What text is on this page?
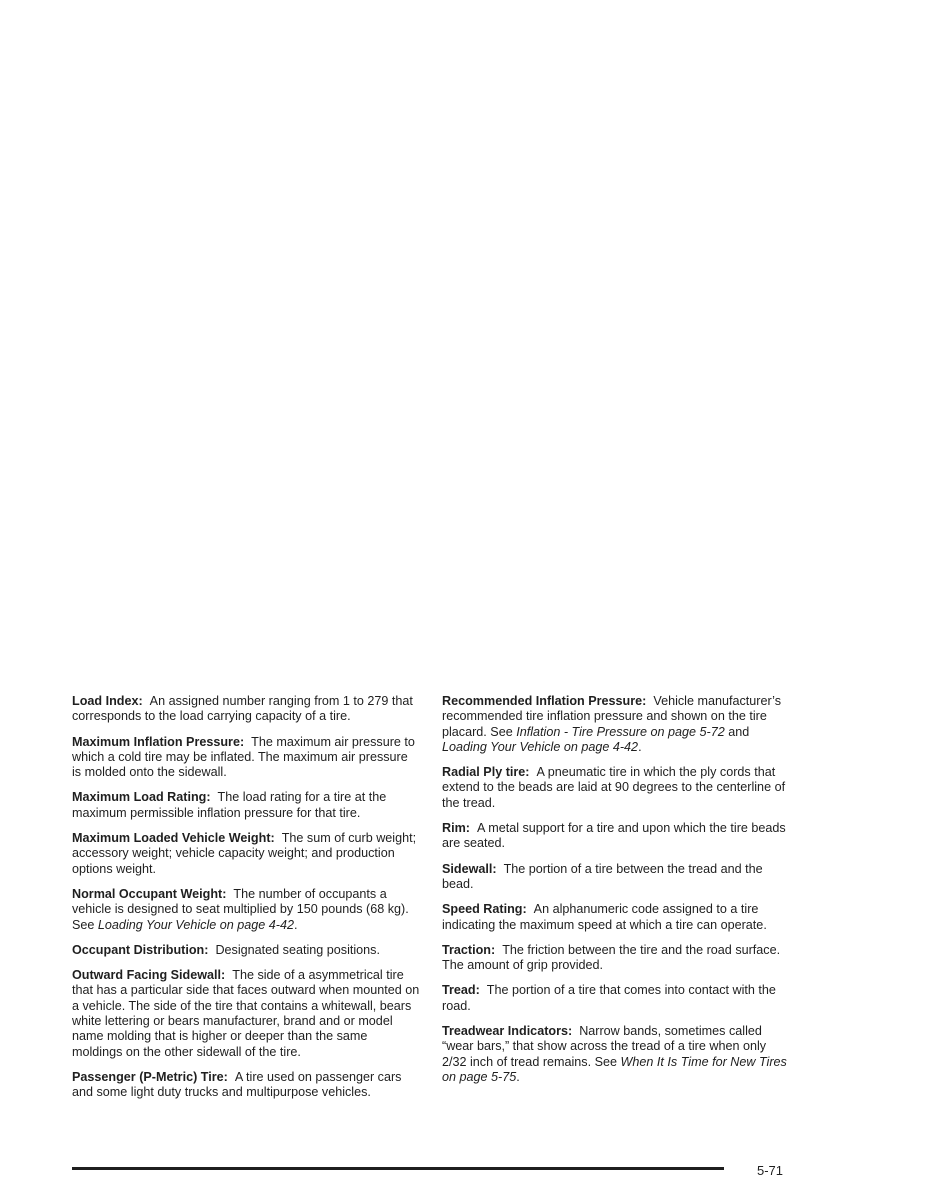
Load Index: An assigned number ranging from 1 to 279 that corresponds to the load carrying capacity of a tire.

Maximum Inflation Pressure: The maximum air pressure to which a cold tire may be inflated. The maximum air pressure is molded onto the sidewall.

Maximum Load Rating: The load rating for a tire at the maximum permissible inflation pressure for that tire.

Maximum Loaded Vehicle Weight: The sum of curb weight; accessory weight; vehicle capacity weight; and production options weight.

Normal Occupant Weight: The number of occupants a vehicle is designed to seat multiplied by 150 pounds (68 kg). See Loading Your Vehicle on page 4-42.

Occupant Distribution: Designated seating positions.

Outward Facing Sidewall: The side of a asymmetrical tire that has a particular side that faces outward when mounted on a vehicle. The side of the tire that contains a whitewall, bears white lettering or bears manufacturer, brand and or model name molding that is higher or deeper than the same moldings on the other sidewall of the tire.

Passenger (P-Metric) Tire: A tire used on passenger cars and some light duty trucks and multipurpose vehicles.

Recommended Inflation Pressure: Vehicle manufacturer’s recommended tire inflation pressure and shown on the tire placard. See Inflation - Tire Pressure on page 5-72 and Loading Your Vehicle on page 4-42.

Radial Ply tire: A pneumatic tire in which the ply cords that extend to the beads are laid at 90 degrees to the centerline of the tread.

Rim: A metal support for a tire and upon which the tire beads are seated.

Sidewall: The portion of a tire between the tread and the bead.

Speed Rating: An alphanumeric code assigned to a tire indicating the maximum speed at which a tire can operate.

Traction: The friction between the tire and the road surface. The amount of grip provided.

Tread: The portion of a tire that comes into contact with the road.

Treadwear Indicators: Narrow bands, sometimes called “wear bars,” that show across the tread of a tire when only 2/32 inch of tread remains. See When It Is Time for New Tires on page 5-75.

5-71
